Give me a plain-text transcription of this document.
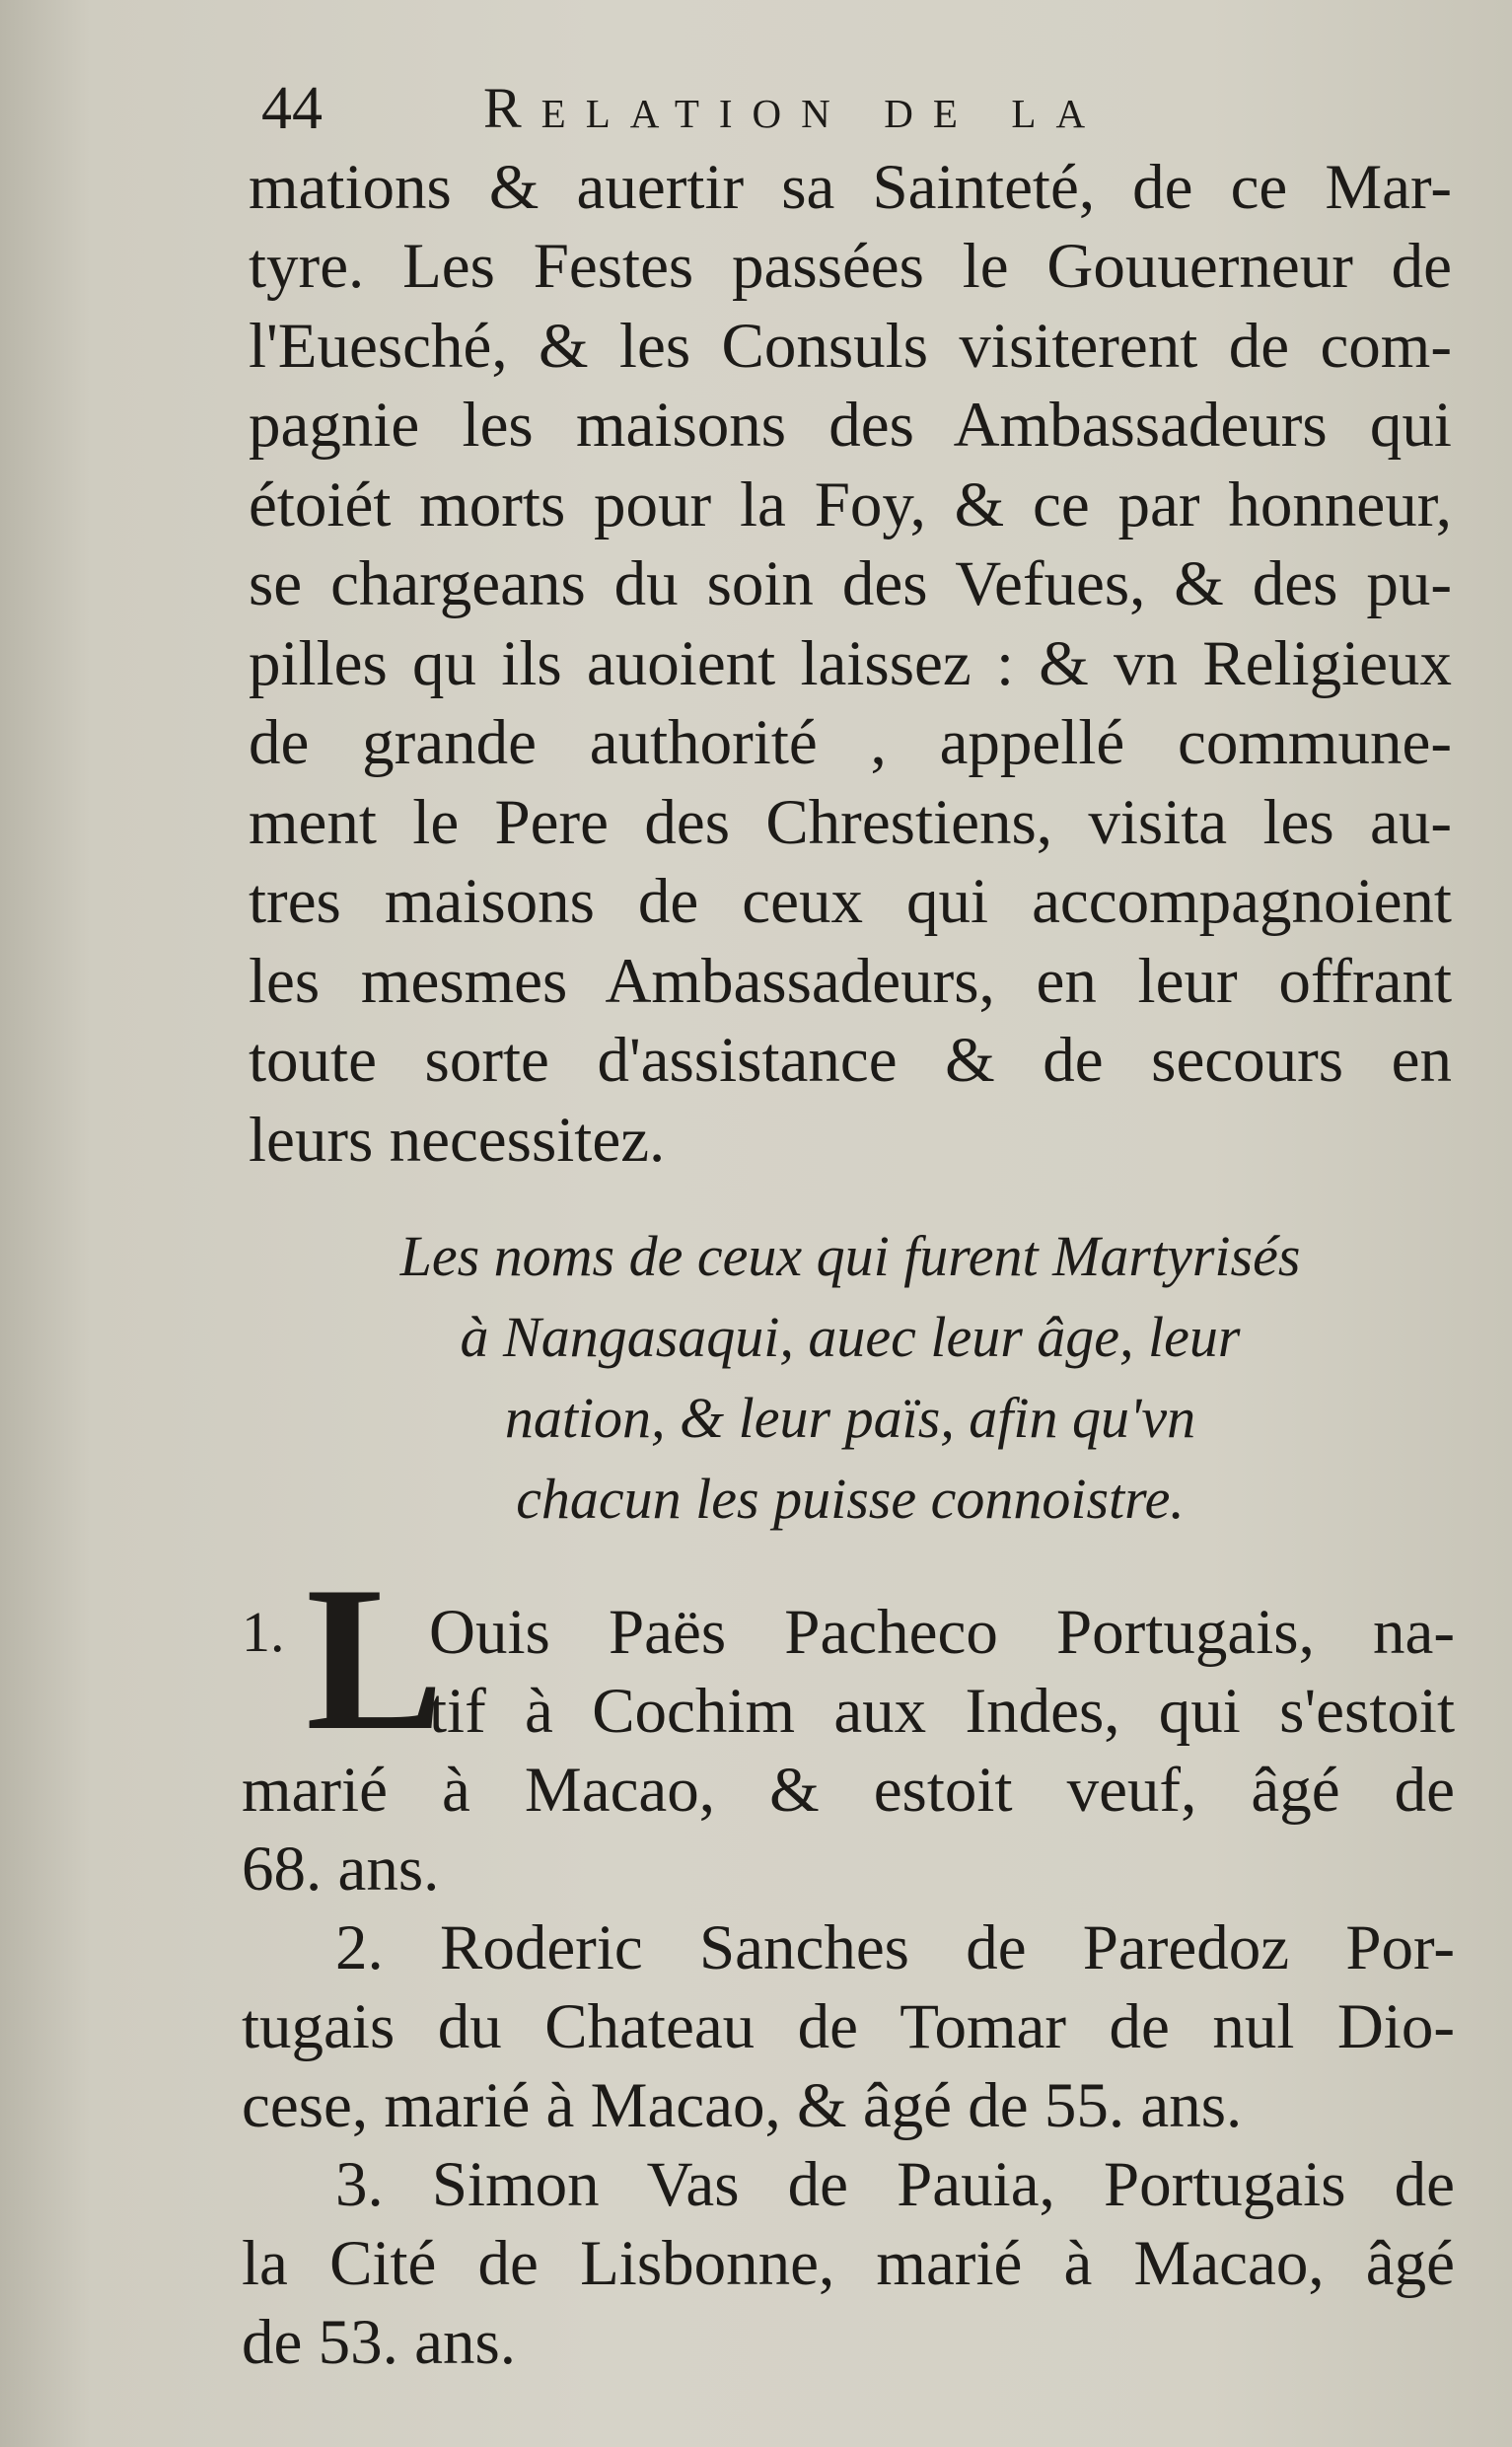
44	Relation de la
mations & auertir sa Sainteté, de ce Mar-
tyre. Les Festes passées le Gouuerneur de
l'Euesché, & les Consuls visiterent de com-
pagnie les maisons des Ambassadeurs qui
étoiét morts pour la Foy, & ce par honneur,
se chargeans du soin des Vefues, & des pu-
pilles qu ils auoient laissez : & vn Religieux
de grande authorité , appellé commune-
ment le Pere des Chrestiens, visita les au-
tres maisons de ceux qui accompagnoient
les mesmes Ambassadeurs, en leur offrant
toute sorte d'assistance & de secours en
leurs necessitez.
Les noms de ceux qui furent Martyrisés
à Nangasaqui, auec leur âge, leur
nation, & leur païs, afin qu'vn
chacun les puisse connoistre.
1. L
Ouis Paës Pacheco Portugais, na-
tif à Cochim aux Indes, qui s'estoit
marié à Macao, & estoit veuf, âgé de
68. ans.
2. Roderic Sanches de Paredoz Por-
tugais du Chateau de Tomar de nul Dio-
cese, marié à Macao, & âgé de 55. ans.
3. Simon Vas de Pauia, Portugais de
la Cité de Lisbonne, marié à Macao, âgé
de 53. ans.
